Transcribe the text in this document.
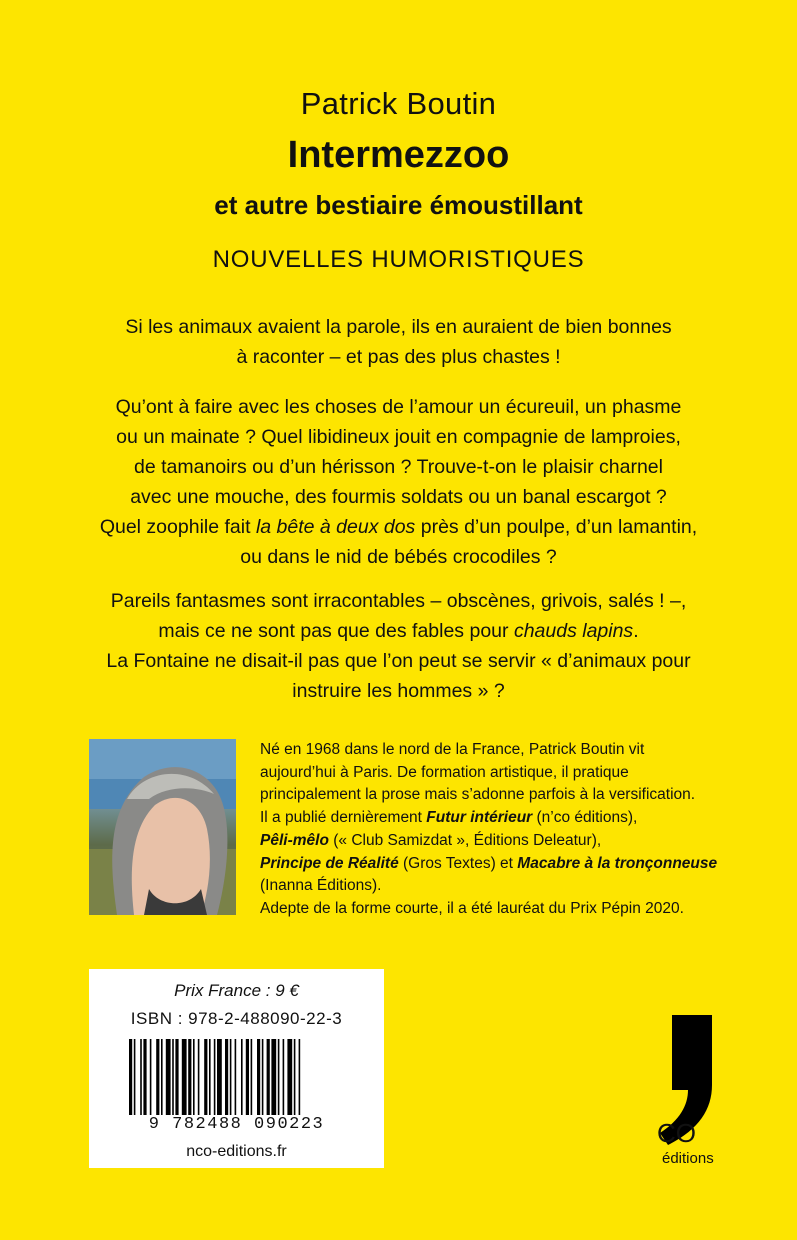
Patrick Boutin
Intermezzoo
et autre bestiaire émoustillant
NOUVELLES HUMORISTIQUES

Si les animaux avaient la parole, ils en auraient de bien bonnes
à raconter – et pas des plus chastes !

Qu’ont à faire avec les choses de l’amour un écureuil, un phasme
ou un mainate ? Quel libidineux jouit en compagnie de lamproies,
de tamanoirs ou d’un hérisson ? Trouve-t-on le plaisir charnel
avec une mouche, des fourmis soldats ou un banal escargot ?
Quel zoophile fait la bête à deux dos près d’un poulpe, d’un lamantin,
ou dans le nid de bébés crocodiles ?

Pareils fantasmes sont irracontables – obscènes, grivois, salés ! –,
mais ce ne sont pas que des fables pour chauds lapins.
La Fontaine ne disait-il pas que l’on peut se servir « d’animaux pour
instruire les hommes » ?

Né en 1968 dans le nord de la France, Patrick Boutin vit
aujourd’hui à Paris. De formation artistique, il pratique
principalement la prose mais s’adonne parfois à la versification.
Il a publié dernièrement Futur intérieur (n’co éditions),
Pêli-mêlo (« Club Samizdat », Éditions Deleatur),
Principe de Réalité (Gros Textes) et Macabre à la tronçonneuse
(Inanna Éditions).
Adepte de la forme courte, il a été lauréat du Prix Pépin 2020.
Prix France : 9 €
ISBN : 978-2-488090-22-3
9 782488 090223
nco-editions.fr
CO
éditions
